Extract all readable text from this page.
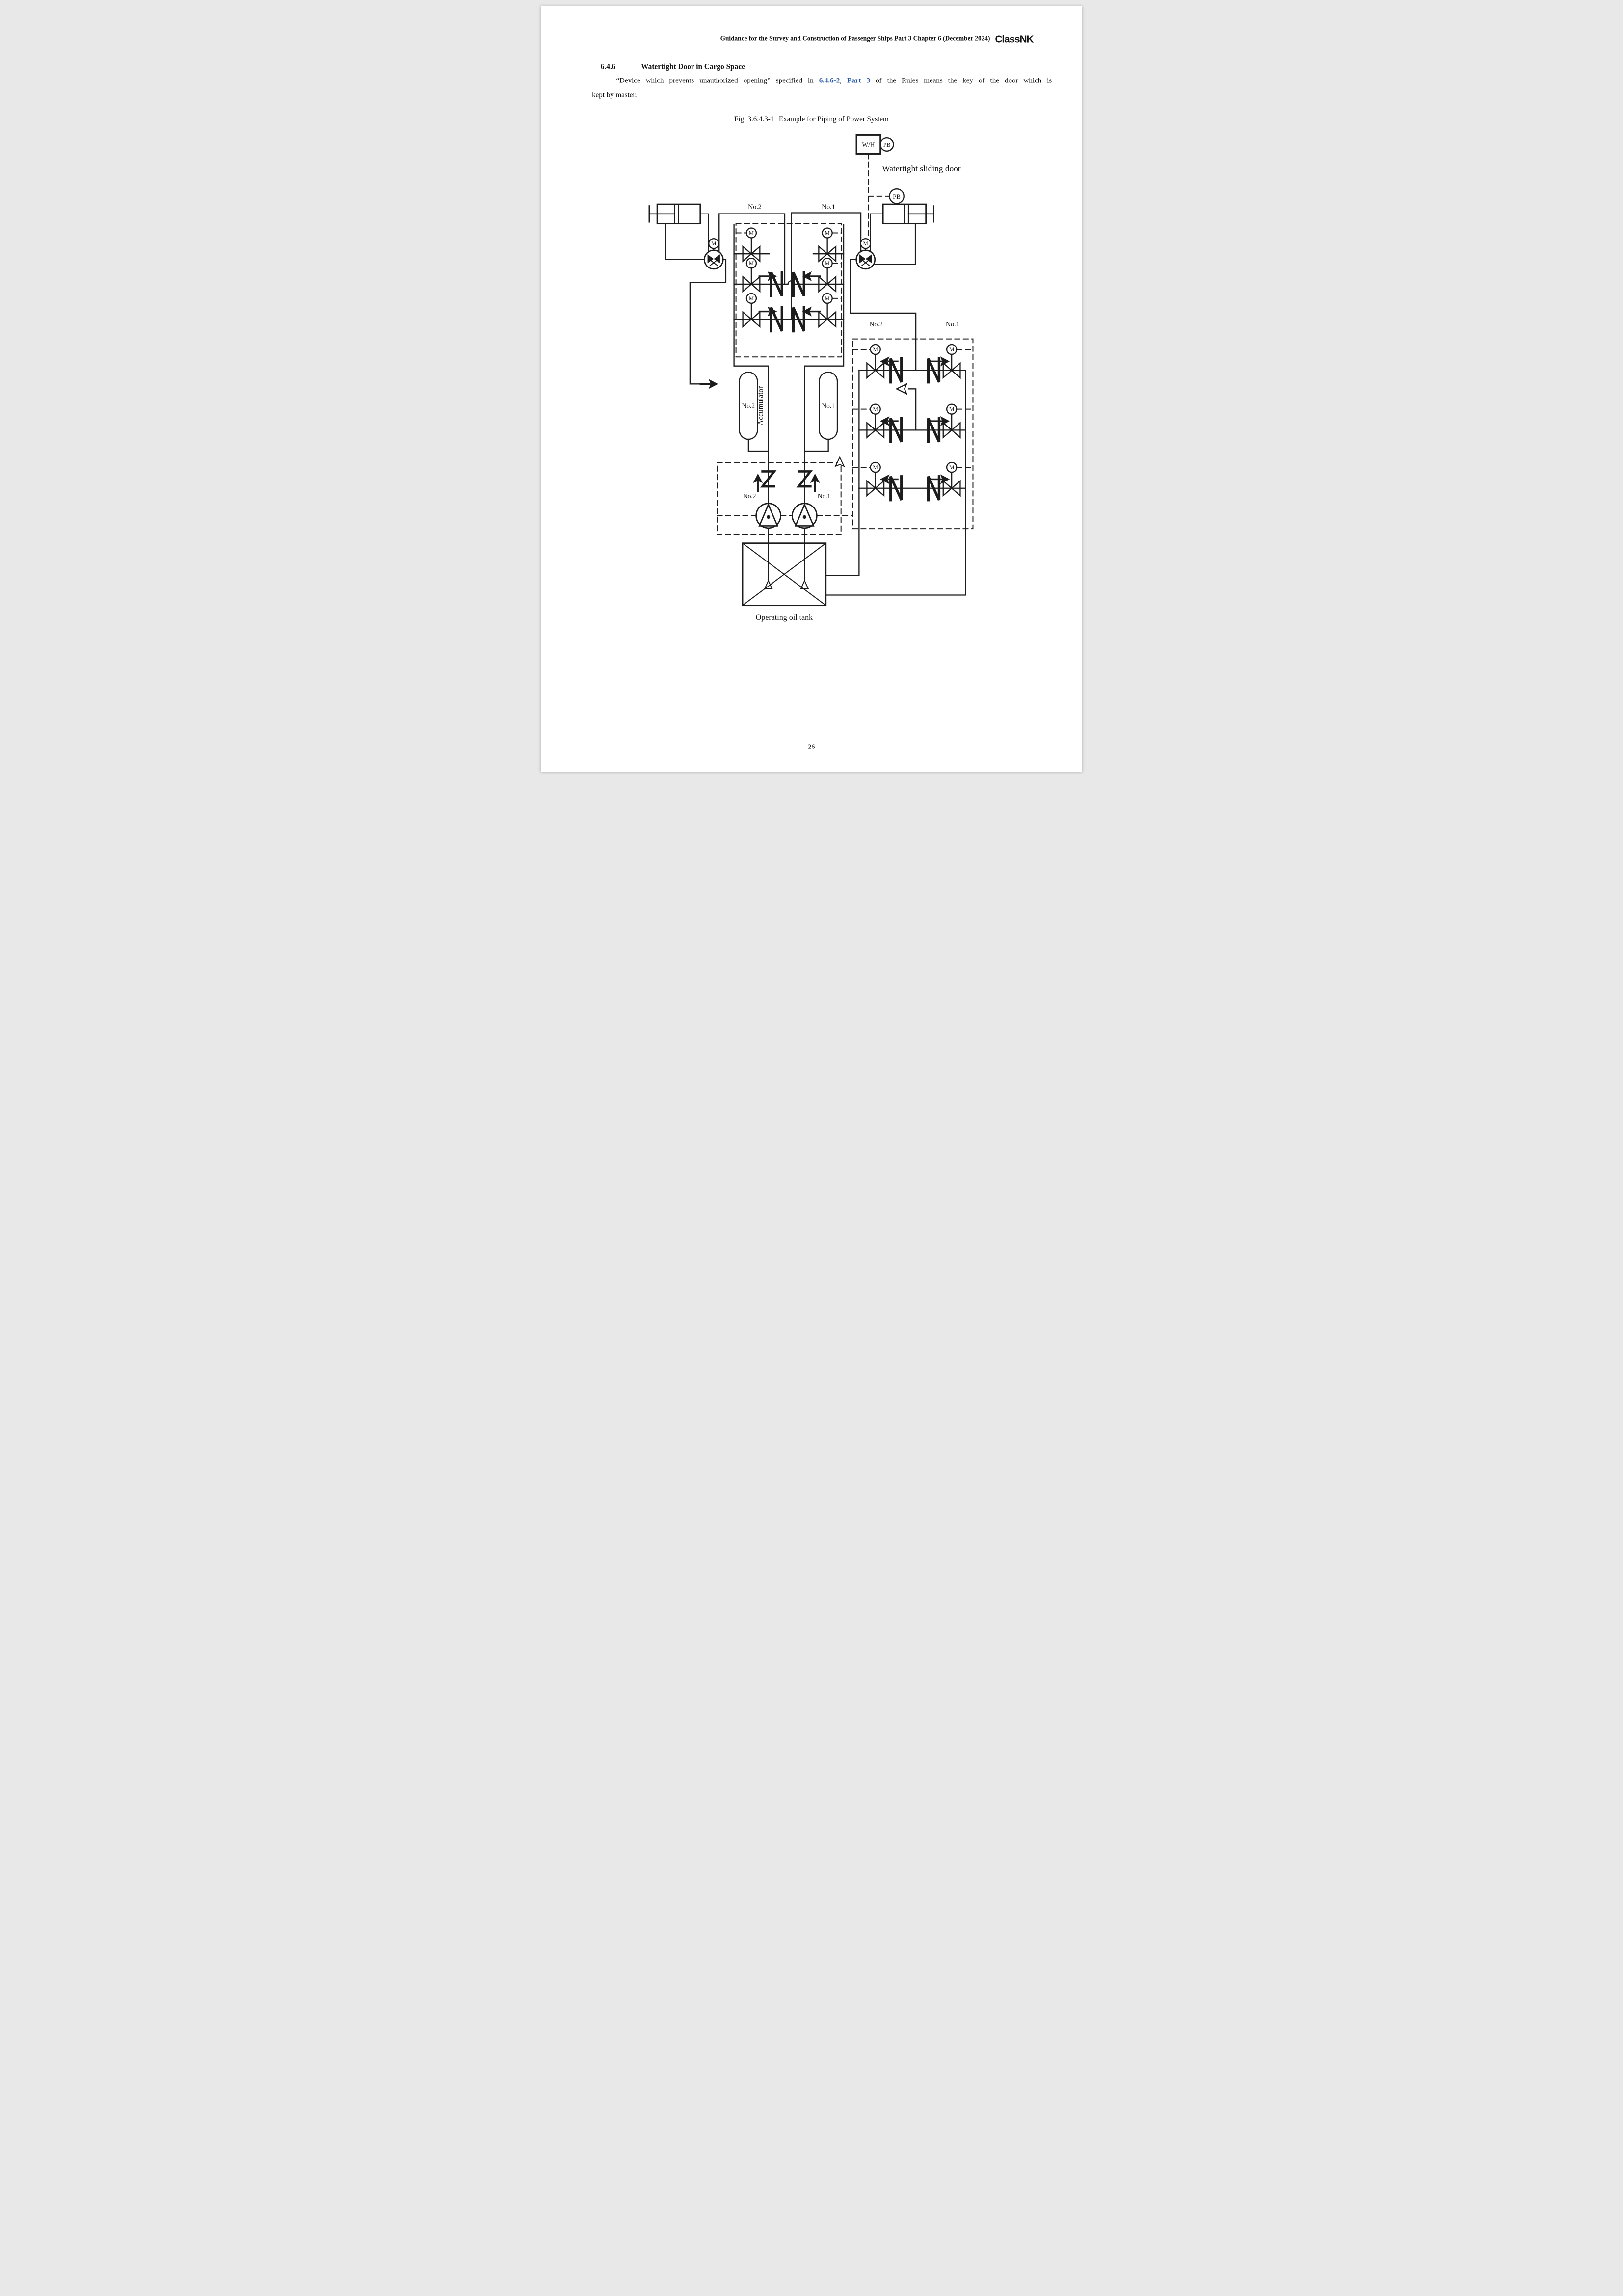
Guidance for the Survey and Construction of Passenger Ships Part 3 Chapter 6 (December 2024) ClassNK
6.4.6 Watertight Door in Cargo Space
“Device which prevents unauthorized opening” specified in 6.4.6-2, Part 3 of the Rules means the key of the door which is
kept by master.
Fig. 3.6.4.3-1 Example for Piping of Power System
W/H PB
PB
Watertight sliding door
No.2	No.1
No.2	No.1
M	M
M	M
M	M
M	M
M	M
M	M
M	M
No.2	No.1
Accumulator
No.2	No.1
Operating oil tank
26
